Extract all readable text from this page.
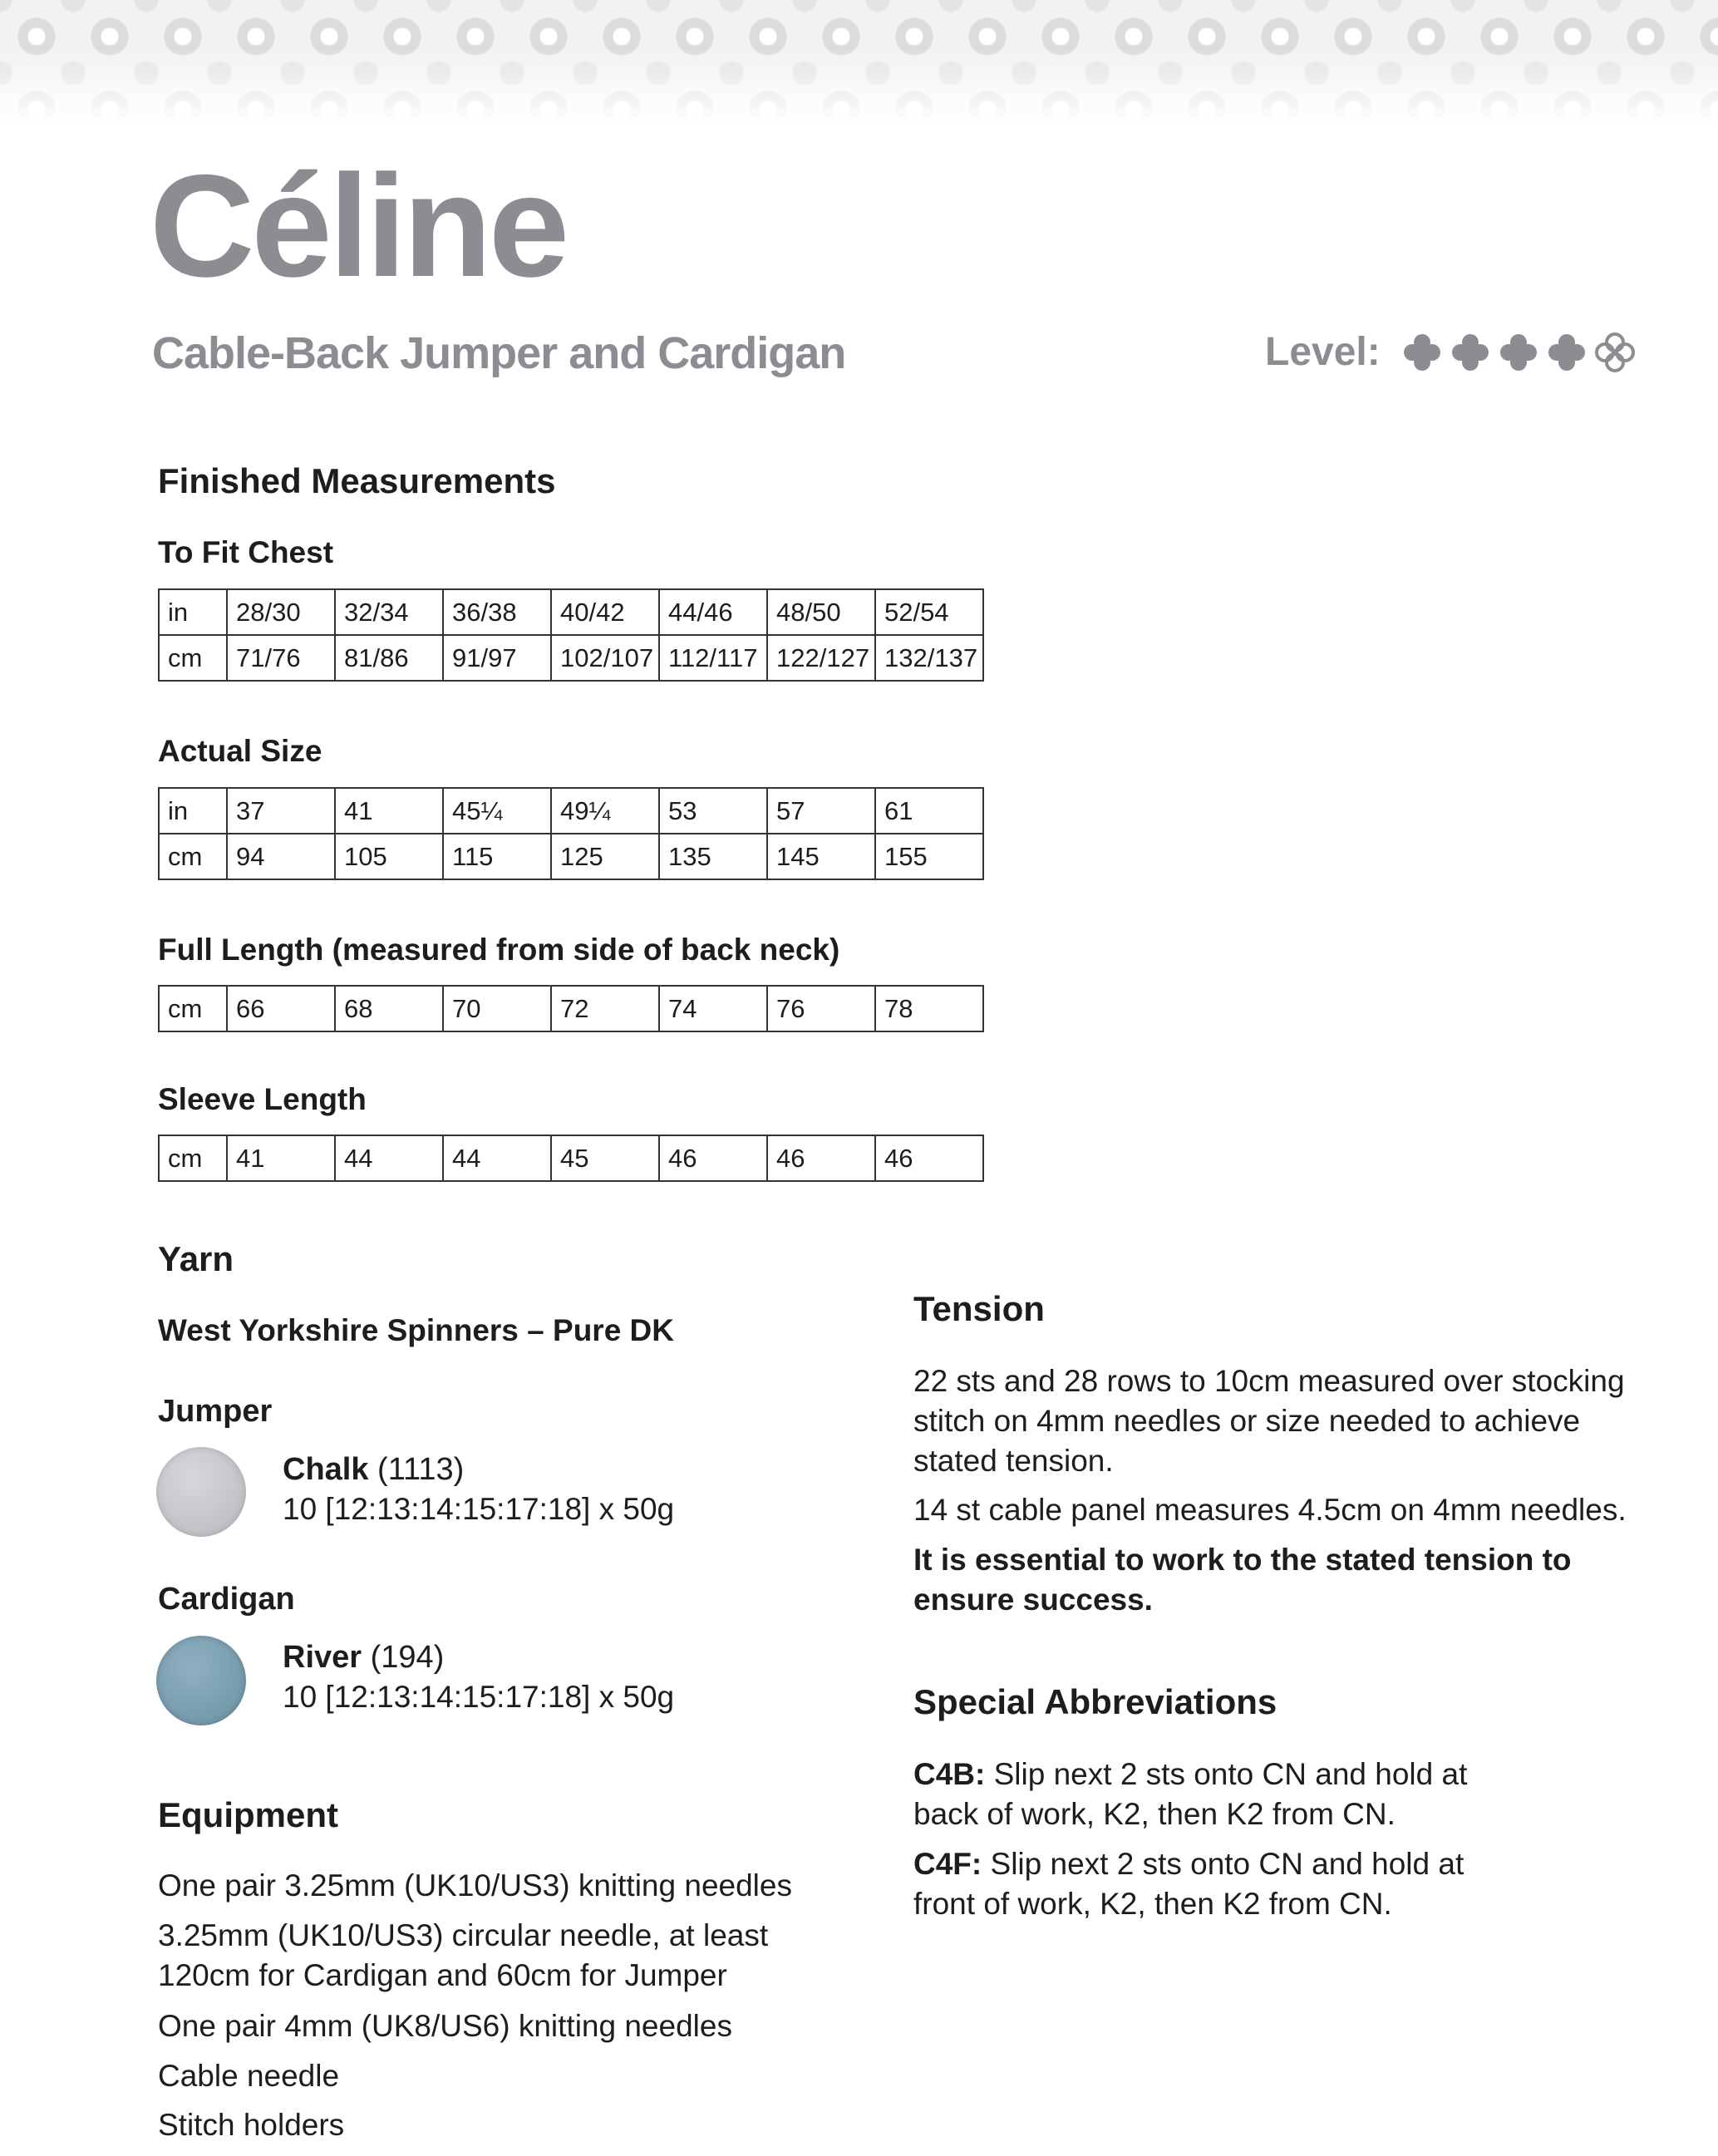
Céline
Cable-Back Jumper and Cardigan	Level:
Finished Measurements
To Fit Chest
in	28/30	32/34	36/38	40/42	44/46	48/50	52/54
cm	71/76	81/86	91/97	102/107	112/117	122/127	132/137
Actual Size
in	37	41	45¼	49¼	53	57	61
cm	94	105	115	125	135	145	155
Full Length (measured from side of back neck)
cm	66	68	70	72	74	76	78
Sleeve Length
cm	41	44	44	45	46	46	46
Yarn
West Yorkshire Spinners – Pure DK
Jumper
Chalk (1113)
10 [12:13:14:15:17:18] x 50g
Cardigan
River (194)
10 [12:13:14:15:17:18] x 50g
Equipment
One pair 3.25mm (UK10/US3) knitting needles
3.25mm (UK10/US3) circular needle, at least
120cm for Cardigan and 60cm for Jumper
One pair 4mm (UK8/US6) knitting needles
Cable needle
Stitch holders
Tension
22 sts and 28 rows to 10cm measured over stocking
stitch on 4mm needles or size needed to achieve
stated tension.
14 st cable panel measures 4.5cm on 4mm needles.
It is essential to work to the stated tension to
ensure success.
Special Abbreviations
C4B: Slip next 2 sts onto CN and hold at
back of work, K2, then K2 from CN.
C4F: Slip next 2 sts onto CN and hold at
front of work, K2, then K2 from CN.
